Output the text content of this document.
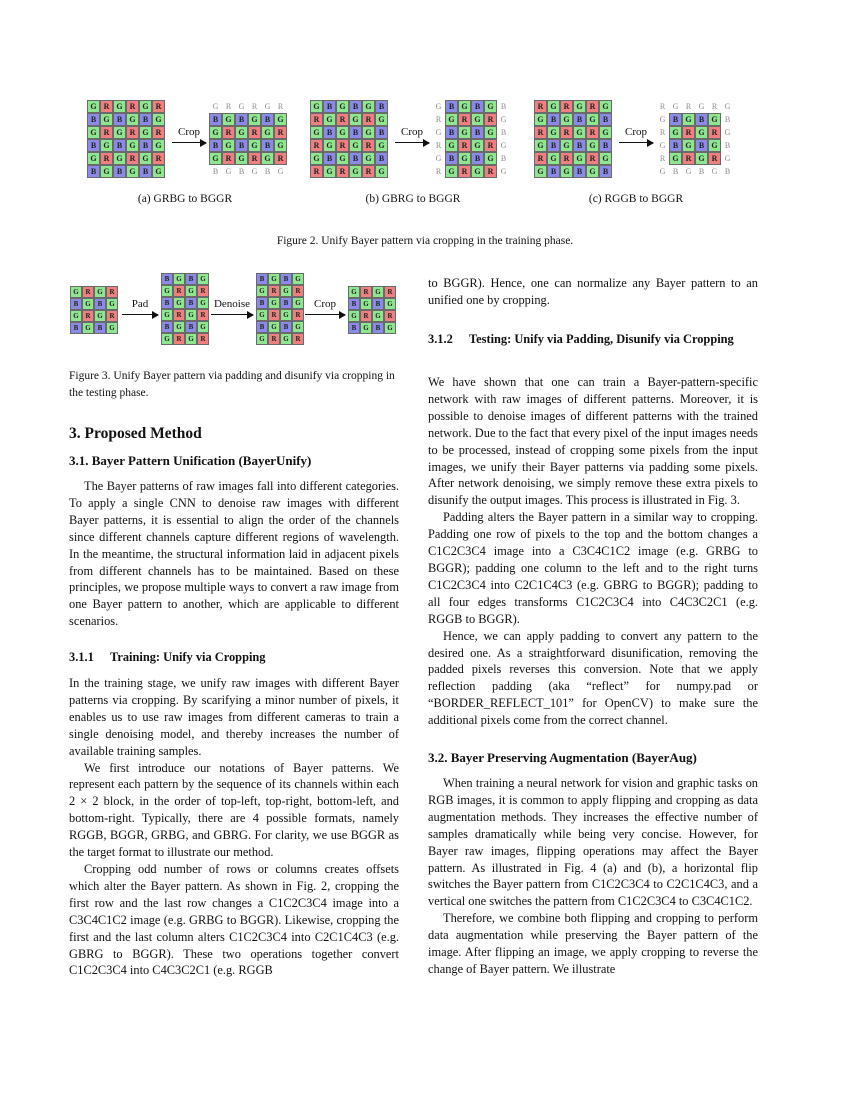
G R G R G R
B G B G B G
G R G R G R
B G B G B G
G R G R G R
B G B G B G
Crop
G R G R G R
B G B G B G
G R G R G R
B G B G B G
G R G R G R
B G B G B G
(a) GRBG to BGGR
G B G B G B
R G R G R G
G B G B G B
R G R G R G
G B G B G B
R G R G R G
Crop
G B G B G B
R G R G R G
G B G B G B
R G R G R G
G B G B G B
R G R G R G
(b) GBRG to BGGR
R G R G R G
G B G B G B
R G R G R G
G B G B G B
R G R G R G
G B G B G B
Crop
R G R G R G
G B G B G B
R G R G R G
G B G B G B
R G R G R G
G B G B G B
(c) RGGB to BGGR
Figure 2. Unify Bayer pattern via cropping in the training phase.
G R G R
B G B G
G R G R
B G B G
Pad
B G B G
G R G R
B G B G
G R G R
B G B G
G R G R
Denoise
B G B G
G R G R
B G B G
G R G R
B G B G
G R G R
Crop
G R G R
B G B G
G R G R
B G B G
Figure 3. Unify Bayer pattern via padding and disunify via cropping in the testing phase.
3. Proposed Method
3.1. Bayer Pattern Unification (BayerUnify)

The Bayer patterns of raw images fall into different categories. To apply a single CNN to denoise raw images with different Bayer patterns, it is essential to align the order of the channels since different channels capture different regions of wavelength. In the meantime, the structural information laid in adjacent pixels from different channels has to be maintained. Based on these principles, we propose multiple ways to convert a raw image from one Bayer pattern to another, which are applicable to different scenarios.

3.1.1 Training: Unify via Cropping

In the training stage, we unify raw images with different Bayer patterns via cropping. By scarifying a minor number of pixels, it enables us to use raw images from different cameras to train a single denoising model, and thereby increases the number of available training samples.

We first introduce our notations of Bayer patterns. We represent each pattern by the sequence of its channels within each 2 × 2 block, in the order of top-left, top-right, bottom-left, and bottom-right. Typically, there are 4 possible formats, namely RGGB, BGGR, GRBG, and GBRG. For clarity, we use BGGR as the target format to illustrate our method.

Cropping odd number of rows or columns creates offsets which alter the Bayer pattern. As shown in Fig. 2, cropping the first row and the last row changes a C1C2C3C4 image into a C3C4C1C2 image (e.g. GRBG to BGGR). Likewise, cropping the first and the last column alters C1C2C3C4 into C2C1C4C3 (e.g. GBRG to BGGR). These two operations together convert C1C2C3C4 into C4C3C2C1 (e.g. RGGB

to BGGR). Hence, one can normalize any Bayer pattern to an unified one by cropping.

3.1.2 Testing: Unify via Padding, Disunify via Cropping

We have shown that one can train a Bayer-pattern-specific network with raw images of different patterns. Moreover, it is possible to denoise images of different patterns with the trained network. Due to the fact that every pixel of the input images needs to be processed, instead of cropping some pixels from the input images, we unify their Bayer patterns via padding some pixels. After network denoising, we simply remove these extra pixels to disunify the output images. This process is illustrated in Fig. 3.

Padding alters the Bayer pattern in a similar way to cropping. Padding one row of pixels to the top and the bottom changes a C1C2C3C4 image into a C3C4C1C2 image (e.g. GRBG to BGGR); padding one column to the left and to the right turns C1C2C3C4 into C2C1C4C3 (e.g. GBRG to BGGR); padding to all four edges transforms C1C2C3C4 into C4C3C2C1 (e.g. RGGB to BGGR).

Hence, we can apply padding to convert any pattern to the desired one. As a straightforward disunification, removing the padded pixels reverses this conversion. Note that we apply reflection padding (aka “reflect” for numpy.pad or “BORDER_REFLECT_101” for OpenCV) to make sure the additional pixels come from the correct channel.

3.2. Bayer Preserving Augmentation (BayerAug)

When training a neural network for vision and graphic tasks on RGB images, it is common to apply flipping and cropping as data augmentation methods. They increases the effective number of samples dramatically while being very concise. However, for Bayer raw images, flipping operations may affect the Bayer pattern. As illustrated in Fig. 4 (a) and (b), a horizontal flip switches the Bayer pattern from C1C2C3C4 to C2C1C4C3, and a vertical one switches the pattern from C1C2C3C4 to C3C4C1C2.

Therefore, we combine both flipping and cropping to perform data augmentation while preserving the Bayer pattern of the image. After flipping an image, we apply cropping to reverse the change of Bayer pattern. We illustrate
